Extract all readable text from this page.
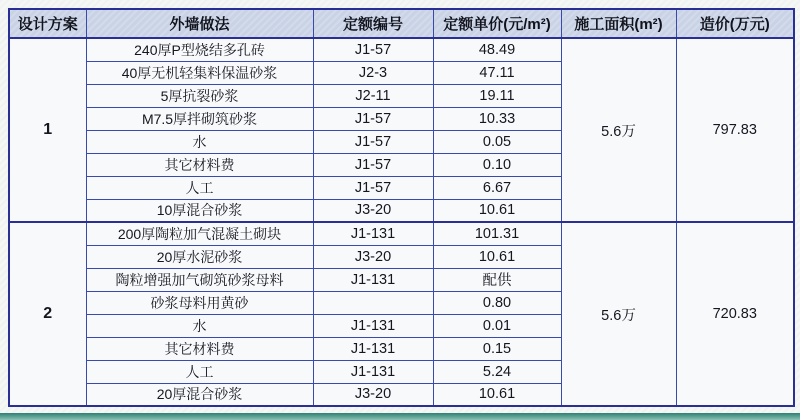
设计方案	外墙做法	定额编号	定额单价(元/m²)	施工面积(m²)	造价(万元)
1	240厚P型烧结多孔砖	J1-57	48.49	5.6万	797.83
	40厚无机轻集料保温砂浆	J2-3	47.11		
	5厚抗裂砂浆	J2-11	19.11		
	M7.5厚拌砌筑砂浆	J1-57	10.33		
	水	J1-57	0.05		
	其它材料费	J1-57	0.10		
	人工	J1-57	6.67		
	10厚混合砂浆	J3-20	10.61		
2	200厚陶粒加气混凝土砌块	J1-131	101.31	5.6万	720.83
	20厚水泥砂浆	J3-20	10.61		
	陶粒增强加气砌筑砂浆母料	J1-131	配供		
	砂浆母料用黄砂		0.80		
	水	J1-131	0.01		
	其它材料费	J1-131	0.15		
	人工	J1-131	5.24		
	20厚混合砂浆	J3-20	10.61		
